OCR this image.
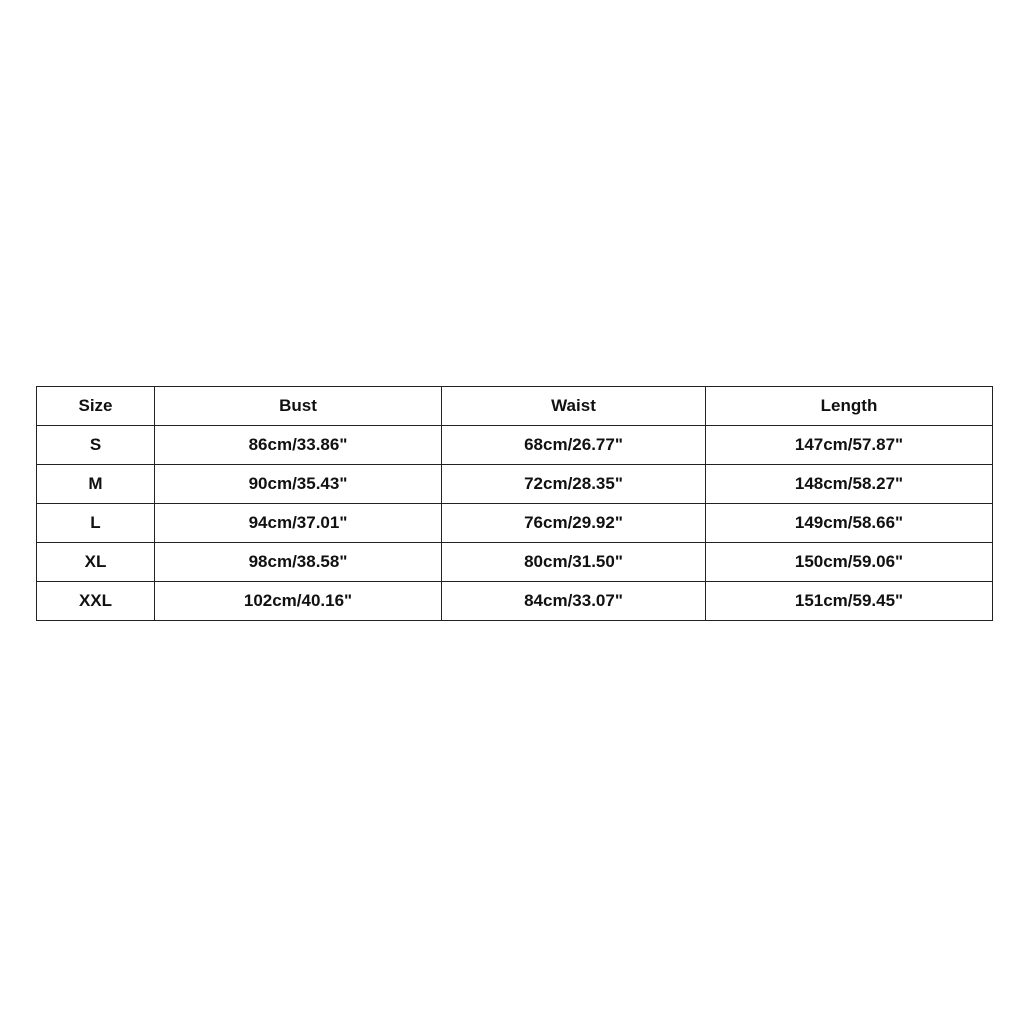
Size	Bust	Waist	Length
S	86cm/33.86"	68cm/26.77"	147cm/57.87"
M	90cm/35.43"	72cm/28.35"	148cm/58.27"
L	94cm/37.01"	76cm/29.92"	149cm/58.66"
XL	98cm/38.58"	80cm/31.50"	150cm/59.06"
XXL	102cm/40.16"	84cm/33.07"	151cm/59.45"
